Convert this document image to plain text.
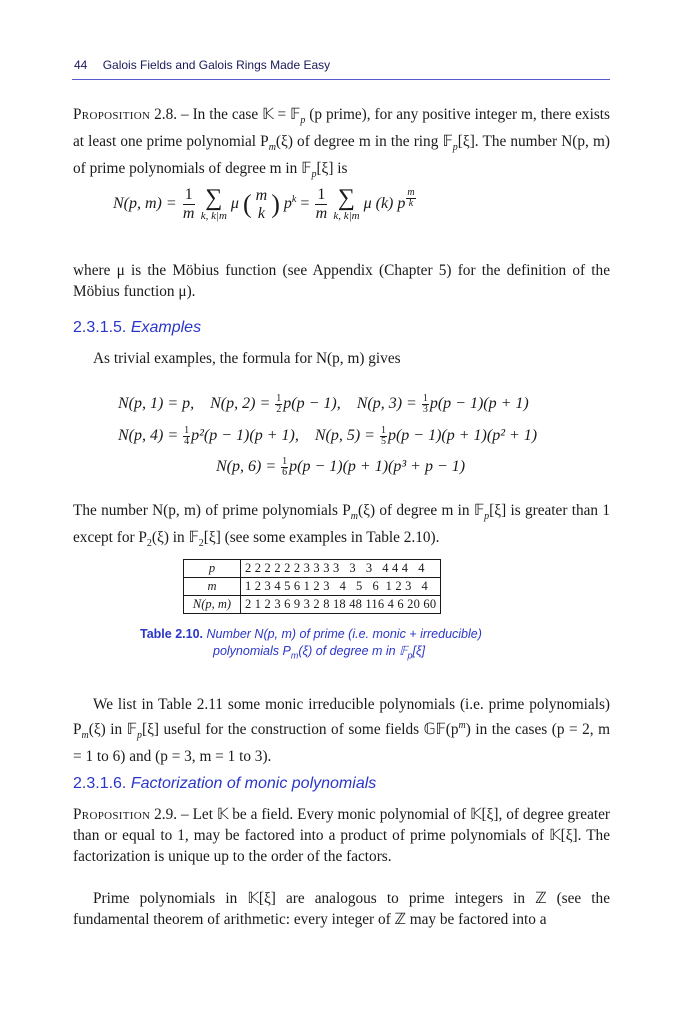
44 Galois Fields and Galois Rings Made Easy
Proposition 2.8. – In the case 𝕂 = 𝔽$_p$ (p prime), for any positive integer m, there exists at least one prime polynomial $P_m(\xi)$ of degree m in the ring 𝔽$_p$[ξ]. The number N(p, m) of prime polynomials of degree m in 𝔽$_p$[ξ] is
N(p, $m) = \frac{1}{m}$
∑
k, k|m
μ ( m
k ) $p^k = \frac{1}{m}$
∑
k, k|m
μ (k) p $^{\frac{m}{k}}$
where μ is the Möbius function (see Appendix (Chapter 5) for the definition of the Möbius function μ).
2.3.1.5. Examples
As trivial examples, the formula for N(p, m) gives
N(p, 1) = p, N(p, $2) = \frac{1}{2} p(p - 1)$, N(p, $3) = \frac{1}{3} p(p - 1)(p + 1)$
N(p, $4) = \frac{1}{4} p^2(p - 1)(p + 1)$, N(p, $5) = \frac{1}{5} p(p - 1)(p + 1)(p^2 + 1)$
N(p, $6) = \frac{1}{6} p(p - 1)(p + 1)(p^3 + p - 1)$
The number N(p, m) of prime polynomials $P_m(\xi)$ of degree m in 𝔽$_p$[ξ] is greater than 1 except for $P_2(\xi)$ in 𝔽$_2$[ξ] (see some examples in Table 2.10).
p	2 2 2 2 2 2 3 3 3 3   3   3   4 4 4   4
m	1 2 3 4 5 6 1 2 3   4   5   6  1 2 3   4
N(p, m)	2 1 2 3 6 9 3 2 8 18 48 116 4 6 20 60
Table 2.10. Number N(p, m) of prime (i.e. monic + irreducible)
polynomials $P_m(\xi)$ of degree m in 𝔽$_p$[ξ]
We list in Table 2.11 some monic irreducible polynomials (i.e. prime polynomials) $P_m(\xi)$ in 𝔽$_p$[ξ] useful for the construction of some fields $𝔾𝔽(p^m)$ in the cases (p = 2, m = 1 to 6) and (p = 3, m = 1 to 3).
2.3.1.6. Factorization of monic polynomials
Proposition 2.9. – Let 𝕂 be a field. Every monic polynomial of 𝕂[ξ], of degree greater than or equal to 1, may be factored into a product of prime polynomials of 𝕂[ξ]. The factorization is unique up to the order of the factors.
Prime polynomials in 𝕂[ξ] are analogous to prime integers in ℤ (see the fundamental theorem of arithmetic: every integer of ℤ may be factored into a
